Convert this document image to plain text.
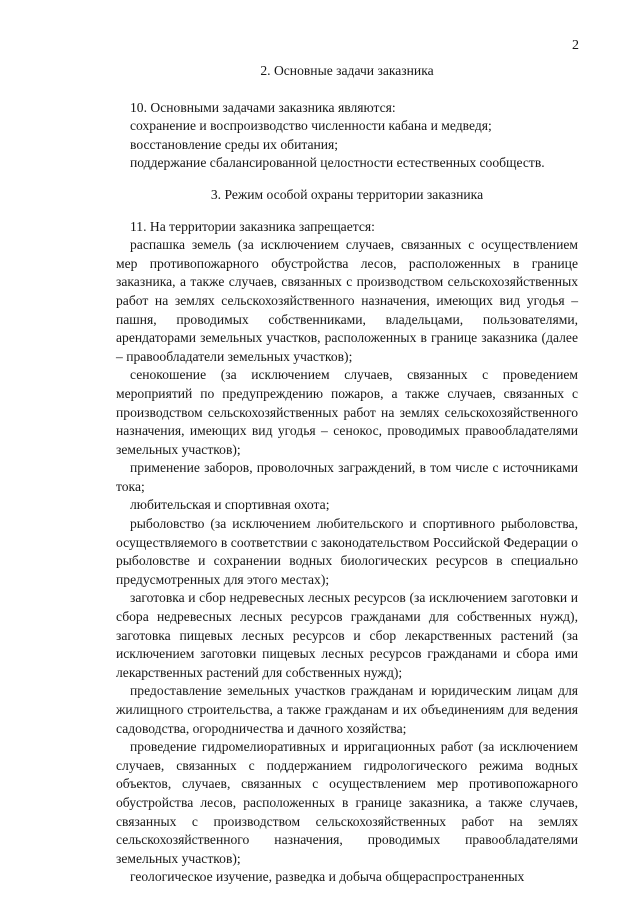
2
2. Основные задачи заказника

10. Основными задачами заказника являются:

сохранение и воспроизводство численности кабана и медведя;

восстановление среды их обитания;

поддержание сбалансированной целостности естественных сообществ.

3. Режим особой охраны территории заказника

11. На территории заказника запрещается:

распашка земель (за исключением случаев, связанных с осуществлением мер противопожарного обустройства лесов, расположенных в границе заказника, а также случаев, связанных с производством сельскохозяйственных работ на землях сельскохозяйственного назначения, имеющих вид угодья – пашня, проводимых собственниками, владельцами, пользователями, арендаторами земельных участков, расположенных в границе заказника (далее – правообладатели земельных участков);

сенокошение (за исключением случаев, связанных с проведением мероприятий по предупреждению пожаров, а также случаев, связанных с производством сельскохозяйственных работ на землях сельскохозяйственного назначения, имеющих вид угодья – сенокос, проводимых правообладателями земельных участков);

применение заборов, проволочных заграждений, в том числе с источниками тока;

любительская и спортивная охота;

рыболовство (за исключением любительского и спортивного рыболовства, осуществляемого в соответствии с законодательством Российской Федерации о рыболовстве и сохранении водных биологических ресурсов в специально предусмотренных для этого местах);

заготовка и сбор недревесных лесных ресурсов (за исключением заготовки и сбора недревесных лесных ресурсов гражданами для собственных нужд), заготовка пищевых лесных ресурсов и сбор лекарственных растений (за исключением заготовки пищевых лесных ресурсов гражданами и сбора ими лекарственных растений для собственных нужд);

предоставление земельных участков гражданам и юридическим лицам для жилищного строительства, а также гражданам и их объединениям для ведения садоводства, огородничества и дачного хозяйства;

проведение гидромелиоративных и ирригационных работ (за исключением случаев, связанных с поддержанием гидрологического режима водных объектов, случаев, связанных с осуществлением мер противопожарного обустройства лесов, расположенных в границе заказника, а также случаев, связанных с производством сельскохозяйственных работ на землях сельскохозяйственного назначения, проводимых правообладателями земельных участков);

геологическое изучение, разведка и добыча общераспространенных
